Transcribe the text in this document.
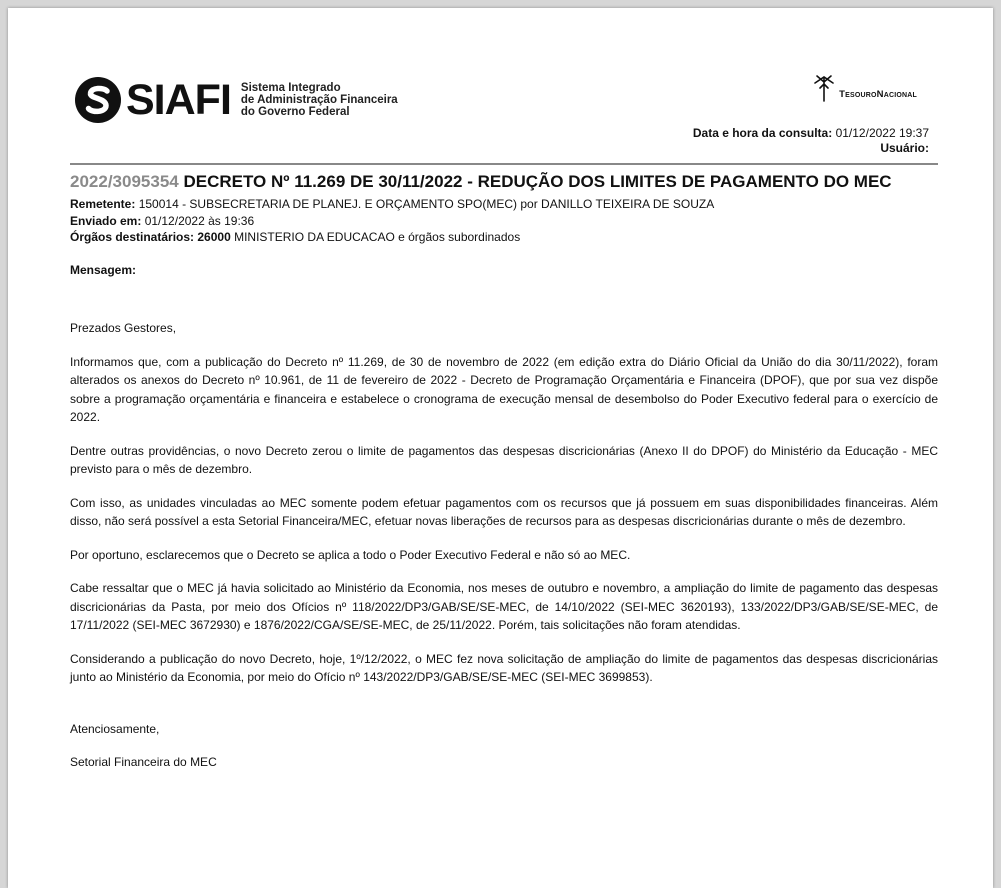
SIAFI Sistema Integrado
de Administração Financeira
do Governo Federal
TesouroNacional
Data e hora da consulta: 01/12/2022 19:37
Usuário:
2022/3095354 DECRETO Nº 11.269 DE 30/11/2022 - REDUÇÃO DOS LIMITES DE PAGAMENTO DO MEC
Remetente: 150014 - SUBSECRETARIA DE PLANEJ. E ORÇAMENTO SPO(MEC) por DANILLO TEIXEIRA DE SOUZA
Enviado em: 01/12/2022 às 19:36
Órgãos destinatários: 26000 MINISTERIO DA EDUCACAO e órgãos subordinados
Mensagem:

Prezados Gestores,

Informamos que, com a publicação do Decreto nº 11.269, de 30 de novembro de 2022 (em edição extra do Diário Oficial da União do dia 30/11/2022), foram alterados os anexos do Decreto nº 10.961, de 11 de fevereiro de 2022 - Decreto de Programação Orçamentária e Financeira (DPOF), que por sua vez dispõe sobre a programação orçamentária e financeira e estabelece o cronograma de execução mensal de desembolso do Poder Executivo federal para o exercício de 2022.

Dentre outras providências, o novo Decreto zerou o limite de pagamentos das despesas discricionárias (Anexo II do DPOF) do Ministério da Educação - MEC previsto para o mês de dezembro.

Com isso, as unidades vinculadas ao MEC somente podem efetuar pagamentos com os recursos que já possuem em suas disponibilidades financeiras. Além disso, não será possível a esta Setorial Financeira/MEC, efetuar novas liberações de recursos para as despesas discricionárias durante o mês de dezembro.

Por oportuno, esclarecemos que o Decreto se aplica a todo o Poder Executivo Federal e não só ao MEC.

Cabe ressaltar que o MEC já havia solicitado ao Ministério da Economia, nos meses de outubro e novembro, a ampliação do limite de pagamento das despesas discricionárias da Pasta, por meio dos Ofícios nº 118/2022/DP3/GAB/SE/SE-MEC, de 14/10/2022 (SEI-MEC 3620193), 133/2022/DP3/GAB/SE/SE-MEC, de 17/11/2022 (SEI-MEC 3672930) e 1876/2022/CGA/SE/SE-MEC, de 25/11/2022. Porém, tais solicitações não foram atendidas.

Considerando a publicação do novo Decreto, hoje, 1º/12/2022, o MEC fez nova solicitação de ampliação do limite de pagamentos das despesas discricionárias junto ao Ministério da Economia, por meio do Ofício nº 143/2022/DP3/GAB/SE/SE-MEC (SEI-MEC 3699853).

Atenciosamente,

Setorial Financeira do MEC
